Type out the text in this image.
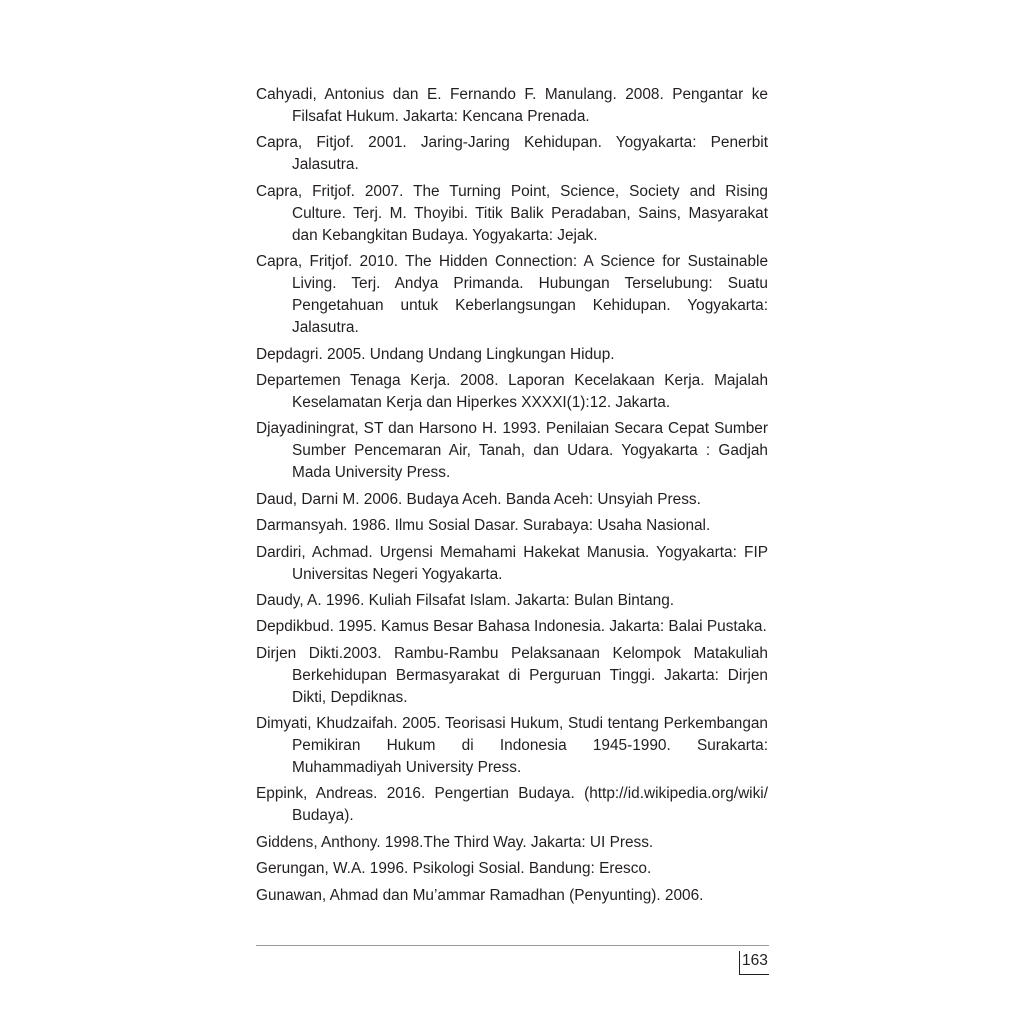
Cahyadi, Antonius dan E. Fernando F. Manulang. 2008. Pengantar ke Filsafat Hukum. Jakarta: Kencana Prenada.
Capra, Fitjof. 2001. Jaring-Jaring Kehidupan. Yogyakarta: Penerbit Jalasutra.
Capra, Fritjof. 2007. The Turning Point, Science, Society and Rising Culture. Terj. M. Thoyibi. Titik Balik Peradaban, Sains, Masyarakat dan Kebangkitan Budaya. Yogyakarta: Jejak.
Capra, Fritjof. 2010. The Hidden Connection: A Science for Sustainable Living. Terj. Andya Primanda. Hubungan Terselubung: Suatu Pengetahuan untuk Keberlangsungan Kehidupan. Yogyakarta: Jalasutra.
Depdagri. 2005. Undang Undang Lingkungan Hidup.
Departemen Tenaga Kerja. 2008. Laporan Kecelakaan Kerja. Majalah Keselamatan Kerja dan Hiperkes XXXXI(1):12. Jakarta.
Djayadiningrat, ST dan Harsono H. 1993. Penilaian Secara Cepat Sumber Sumber Pencemaran Air, Tanah, dan Udara. Yogyakarta : Gadjah Mada University Press.
Daud, Darni M. 2006. Budaya Aceh. Banda Aceh: Unsyiah Press.
Darmansyah. 1986. Ilmu Sosial Dasar. Surabaya: Usaha Nasional.
Dardiri, Achmad. Urgensi Memahami Hakekat Manusia. Yogyakarta: FIP Universitas Negeri Yogyakarta.
Daudy, A. 1996. Kuliah Filsafat Islam. Jakarta: Bulan Bintang.
Depdikbud. 1995. Kamus Besar Bahasa Indonesia. Jakarta: Balai Pustaka.
Dirjen Dikti.2003. Rambu-Rambu Pelaksanaan Kelompok Matakuliah Berkehidupan Bermasyarakat di Perguruan Tinggi. Jakarta: Dirjen Dikti, Depdiknas.
Dimyati, Khudzaifah. 2005. Teorisasi Hukum, Studi tentang Perkembangan Pemikiran Hukum di Indonesia 1945-1990. Surakarta: Muhammadiyah University Press.
Eppink, Andreas. 2016. Pengertian Budaya. (http://id.wikipedia.org/wiki/ Budaya).
Giddens, Anthony. 1998.The Third Way. Jakarta: UI Press.
Gerungan, W.A. 1996. Psikologi Sosial. Bandung: Eresco.
Gunawan, Ahmad dan Mu’ammar Ramadhan (Penyunting). 2006.
163
